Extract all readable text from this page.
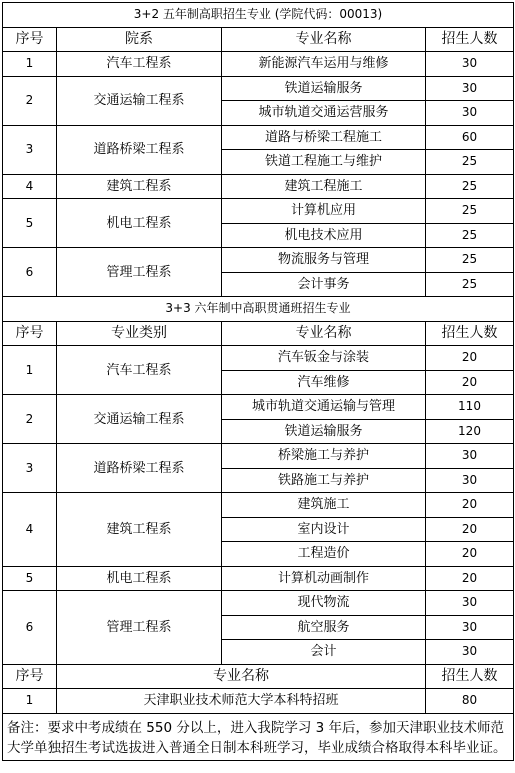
3+2 五年制高职招生专业 (学院代码：00013)			
序号	院系	专业名称	招生人数
1	汽车工程系	新能源汽车运用与维修	30
2	交通运输工程系	铁道运输服务	30
		城市轨道交通运营服务	30
3	道路桥梁工程系	道路与桥梁工程施工	60
		铁道工程施工与维护	25
4	建筑工程系	建筑工程施工	25
5	机电工程系	计算机应用	25
		机电技术应用	25
6	管理工程系	物流服务与管理	25
		会计事务	25
3+3 六年制中高职贯通班招生专业			
序号	专业类别	专业名称	招生人数
1	汽车工程系	汽车钣金与涂装	20
		汽车维修	20
2	交通运输工程系	城市轨道交通运输与管理	110
		铁道运输服务	120
3	道路桥梁工程系	桥梁施工与养护	30
		铁路施工与养护	30
4	建筑工程系	建筑施工	20
		室内设计	20
		工程造价	20
5	机电工程系	计算机动画制作	20
6	管理工程系	现代物流	30
		航空服务	30
		会计	30
序号	专业名称		招生人数
1	天津职业技术师范大学本科特招班		80
备注：要求中考成绩在 550 分以上，进入我院学习 3 年后，参加天津职业技术师范大学单独招生考试选拔进入普通全日制本科班学习，毕业成绩合格取得本科毕业证。			
